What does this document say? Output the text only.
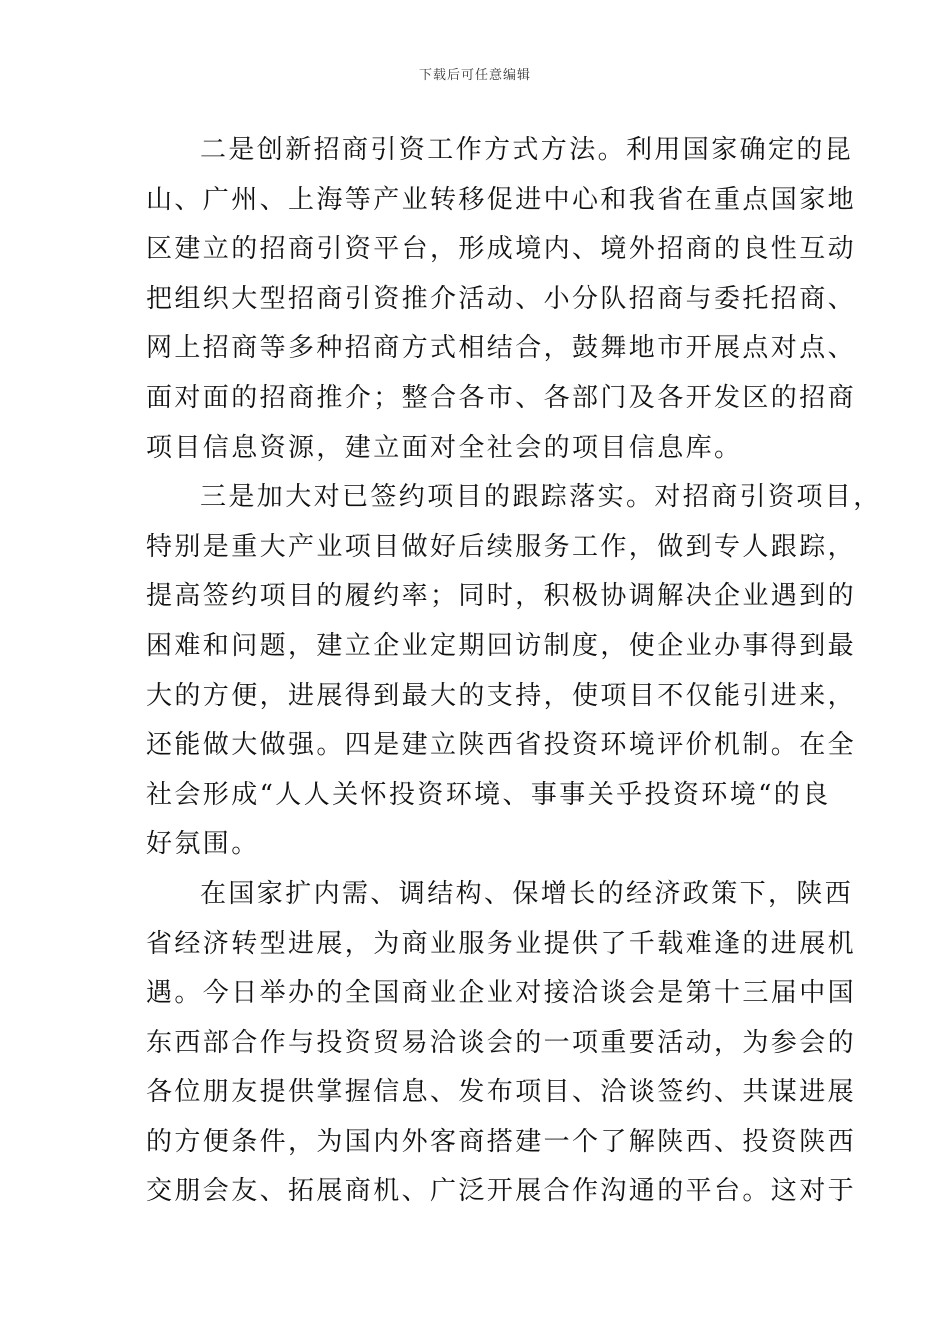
下载后可任意编辑
二是创新招商引资工作方式方法。利用国家确定的昆
山、广州、上海等产业转移促进中心和我省在重点国家地
区建立的招商引资平台，形成境内、境外招商的良性互动
把组织大型招商引资推介活动、小分队招商与委托招商、
网上招商等多种招商方式相结合，鼓舞地市开展点对点、
面对面的招商推介；整合各市、各部门及各开发区的招商
项目信息资源，建立面对全社会的项目信息库。
三是加大对已签约项目的跟踪落实。对招商引资项目，
特别是重大产业项目做好后续服务工作，做到专人跟踪，
提高签约项目的履约率；同时，积极协调解决企业遇到的
困难和问题，建立企业定期回访制度，使企业办事得到最
大的方便，进展得到最大的支持，使项目不仅能引进来，
还能做大做强。四是建立陕西省投资环境评价机制。在全
社会形成“人人关怀投资环境、事事关乎投资环境“的良
好氛围。
在国家扩内需、调结构、保增长的经济政策下，陕西
省经济转型进展，为商业服务业提供了千载难逢的进展机
遇。今日举办的全国商业企业对接洽谈会是第十三届中国
东西部合作与投资贸易洽谈会的一项重要活动，为参会的
各位朋友提供掌握信息、发布项目、洽谈签约、共谋进展
的方便条件，为国内外客商搭建一个了解陕西、投资陕西
交朋会友、拓展商机、广泛开展合作沟通的平台。这对于
